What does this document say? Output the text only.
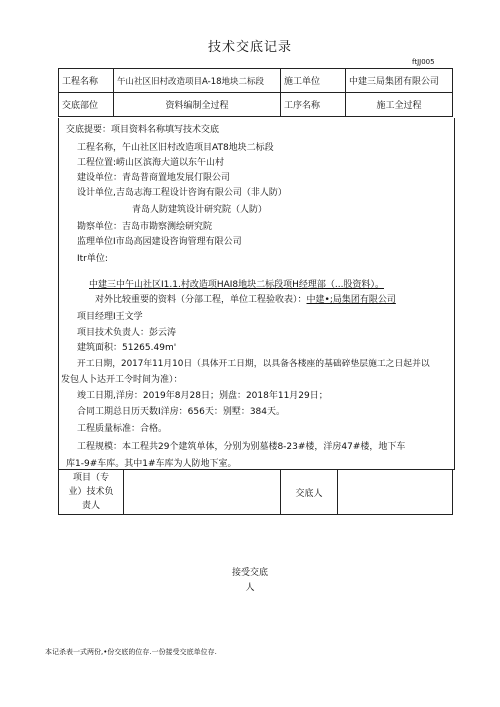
技术交底记录
ftJJ005
工程名称	午山社区旧村改造项目A-18地块二标段	施工单位	中建三局集团有限公司
交底部位	资料编制全过程	工序名称	施工全过程
交底提要：项目资料名称填写技术交底
工程名称，午山社区旧村改造项目AT8地块二标段
工程位置:崂山区滨海大道以东午山村
建设单位：青岛普商置地发展仃限公司
设计单位,吉岛志海工程设计咨询有限公司（非人防）
青岛人防建筑设计研究院（人防）
勘察单位：吉岛市勘察测绘研究院
监理单位I市岛高园建设咨询管理有限公司
Itr单位:
中建三中午山社区I1.1.村改造项HAI8地块二标段项H经理部（...股资料）。
对外比较重要的资料（分部工程，单位工程验收表）：中建•;局集团有限公司
项目经理I王文学
项目技术负责人：彭云涛
建筑面积：51265.49m'
开工日期，2017年11月10日（具体开工日期，以具备各楼座的基础碎垫层施工之日起并以
发包人卜达开工令时间为准）：
竣工日期,洋房：2019年8月28日；别盘：2018年11月29日；
合同工期总日历天数I洋房：656天：别墅：384天。
工程质量标准：合格。
工程规模：本工程共29个建筑单体，分别为别墓楼8-23#楼，洋房47#楼，地下车
库1-9#车库。其中1#车库为人防地下室。
项目（专
业）技术负
责人
		交底人	
接受交底
人
本记杀表一式两份,•份交底的位存.一份接受交底单位存.
